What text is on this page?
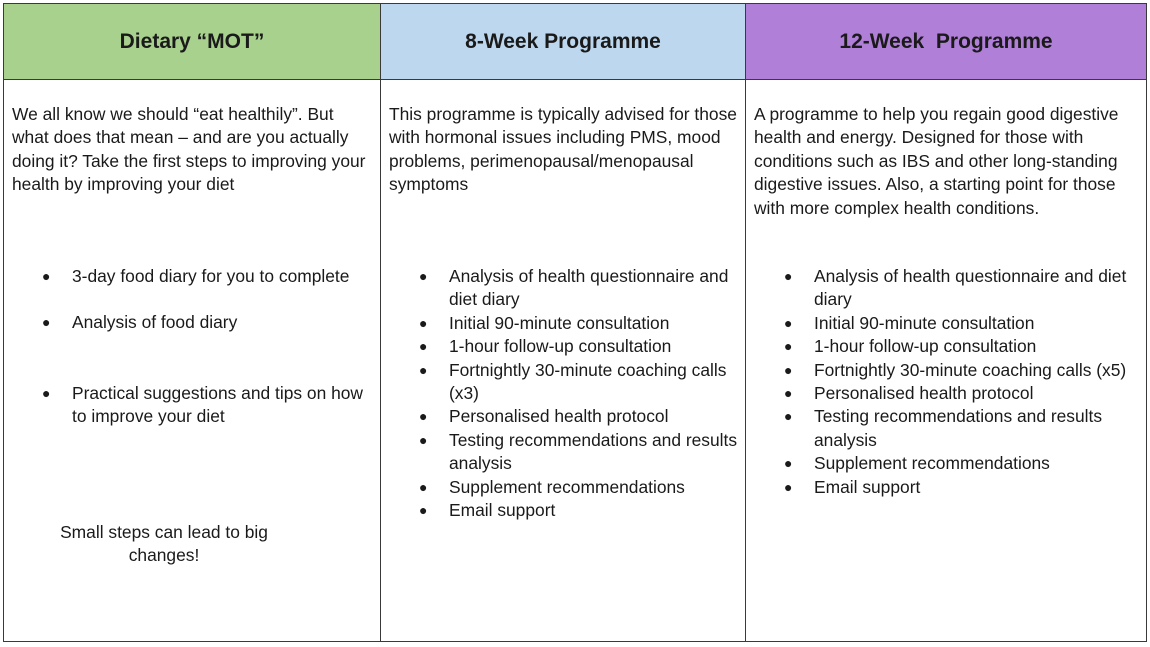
Dietary “MOT”	8-Week Programme	12-Week  Programme

We all know we should “eat healthily”. But what does that mean – and are you actually doing it? Take the first steps to improving your health by improving your diet

● 3-day food diary for you to complete
● Analysis of food diary
● Practical suggestions and tips on how to improve your diet

Small steps can lead to big changes!

This programme is typically advised for those with hormonal issues including PMS, mood problems, perimenopausal/menopausal symptoms

● Analysis of health questionnaire and diet diary
● Initial 90-minute consultation
● 1-hour follow-up consultation
● Fortnightly 30-minute coaching calls (x3)
● Personalised health protocol
● Testing recommendations and results analysis
● Supplement recommendations
● Email support

A programme to help you regain good digestive health and energy. Designed for those with conditions such as IBS and other long-standing digestive issues. Also, a starting point for those with more complex health conditions.

● Analysis of health questionnaire and diet diary
● Initial 90-minute consultation
● 1-hour follow-up consultation
● Fortnightly 30-minute coaching calls (x5)
● Personalised health protocol
● Testing recommendations and results analysis
● Supplement recommendations
● Email support
